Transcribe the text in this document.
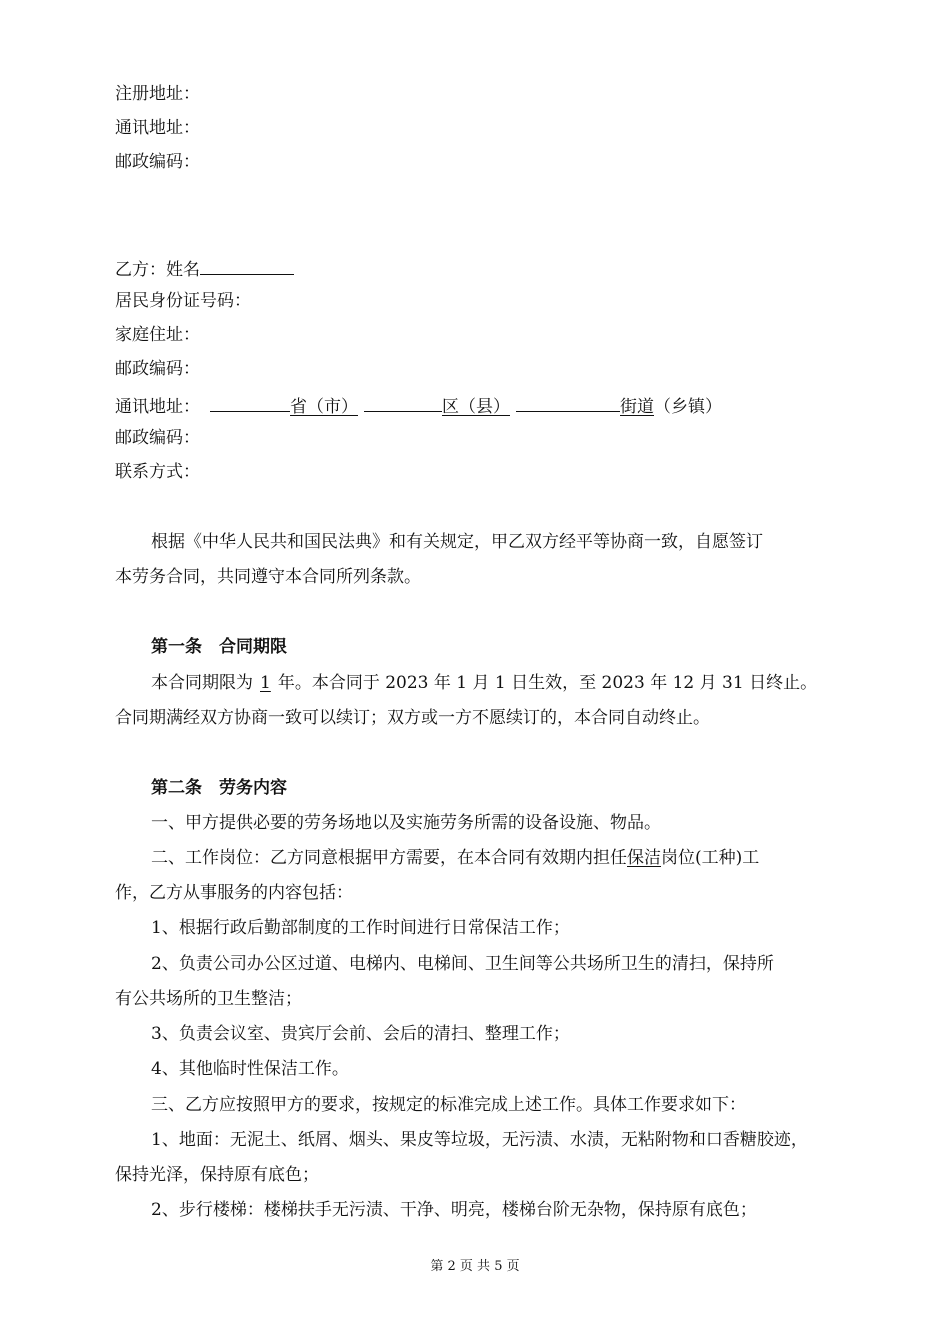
注册地址：
通讯地址：
邮政编码：
乙方：姓名
居民身份证号码：
家庭住址：
邮政编码：
通讯地址：	省（市）	区（县）	街道（乡镇）
邮政编码：
联系方式：
根据《中华人民共和国民法典》和有关规定，甲乙双方经平等协商一致，自愿签订
本劳务合同，共同遵守本合同所列条款。
第一条 合同期限
本合同期限为 1 年。本合同于 2023 年 1 月 1 日生效，至 2023 年 12 月 31 日终止。
合同期满经双方协商一致可以续订；双方或一方不愿续订的，本合同自动终止。
第二条 劳务内容
一、甲方提供必要的劳务场地以及实施劳务所需的设备设施、物品。
二、工作岗位：乙方同意根据甲方需要，在本合同有效期内担任保洁岗位(工种)工
作，乙方从事服务的内容包括：
1、根据行政后勤部制度的工作时间进行日常保洁工作；
2、负责公司办公区过道、电梯内、电梯间、卫生间等公共场所卫生的清扫，保持所
有公共场所的卫生整洁；
3、负责会议室、贵宾厅会前、会后的清扫、整理工作；
4、其他临时性保洁工作。
三、乙方应按照甲方的要求，按规定的标准完成上述工作。具体工作要求如下：
1、地面：无泥土、纸屑、烟头、果皮等垃圾，无污渍、水渍，无粘附物和口香糖胶迹，
保持光泽，保持原有底色；
2、步行楼梯：楼梯扶手无污渍、干净、明亮，楼梯台阶无杂物，保持原有底色；
第 2 页 共 5 页
